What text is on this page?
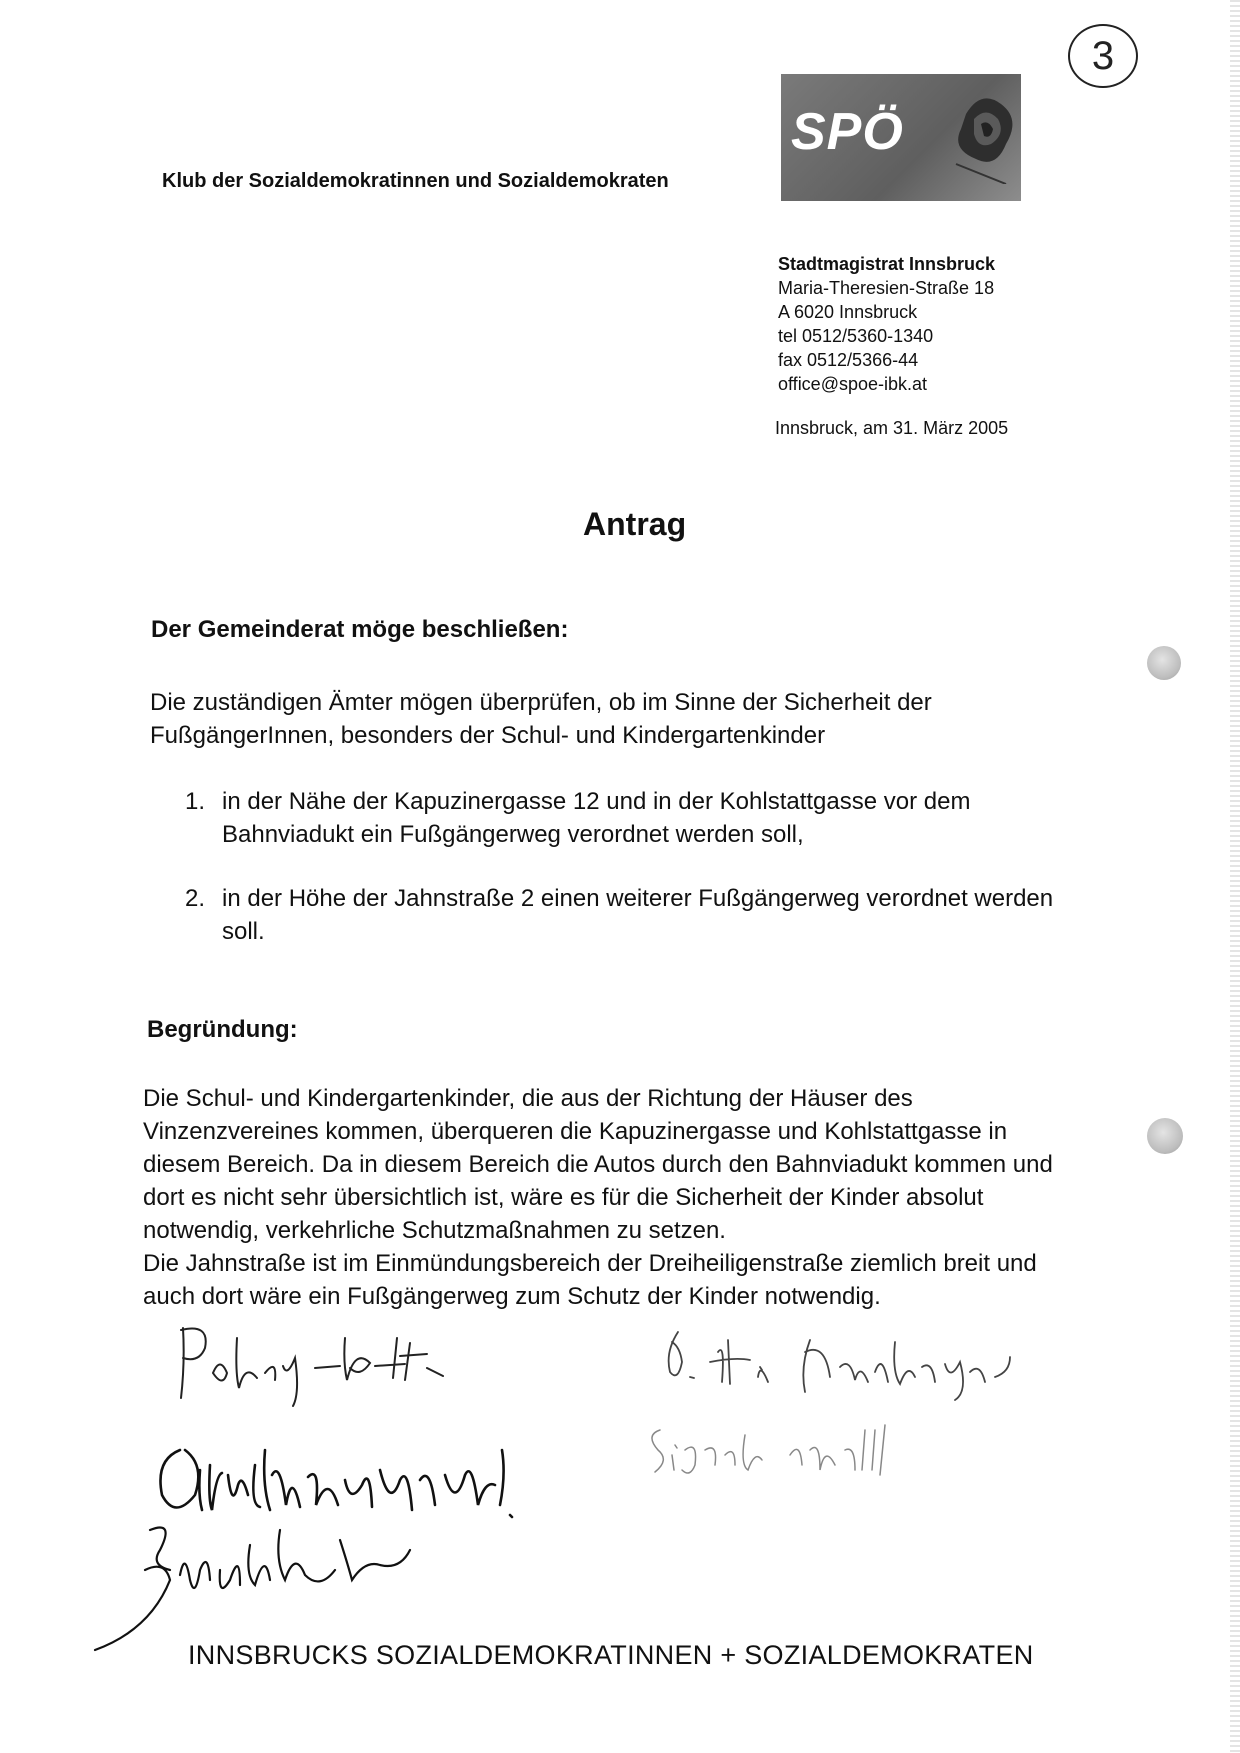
3
SPÖ
Klub der Sozialdemokratinnen und Sozialdemokraten
Stadtmagistrat Innsbruck
Maria-Theresien-Straße 18
A 6020 Innsbruck
tel 0512/5360-1340
fax 0512/5366-44
office@spoe-ibk.at
Innsbruck, am 31. März 2005
Antrag
Der Gemeinderat möge beschließen:
Die zuständigen Ämter mögen überprüfen, ob im Sinne der Sicherheit der FußgängerInnen, besonders der Schul- und Kindergartenkinder
1. in der Nähe der Kapuzinergasse 12 und in der Kohlstattgasse vor dem Bahnviadukt ein Fußgängerweg verordnet werden soll,
2. in der Höhe der Jahnstraße 2 einen weiterer Fußgängerweg verordnet werden soll.
Begründung:

Die Schul- und Kindergartenkinder, die aus der Richtung der Häuser des Vinzenzvereines kommen, überqueren die Kapuzinergasse und Kohlstattgasse in diesem Bereich. Da in diesem Bereich die Autos durch den Bahnviadukt kommen und dort es nicht sehr übersichtlich ist, wäre es für die Sicherheit der Kinder absolut notwendig, verkehrliche Schutzmaßnahmen zu setzen.

Die Jahnstraße ist im Einmündungsbereich der Dreiheiligenstraße ziemlich breit und auch dort wäre ein Fußgängerweg zum Schutz der Kinder notwendig.

INNSBRUCKS SOZIALDEMOKRATINNEN + SOZIALDEMOKRATEN
